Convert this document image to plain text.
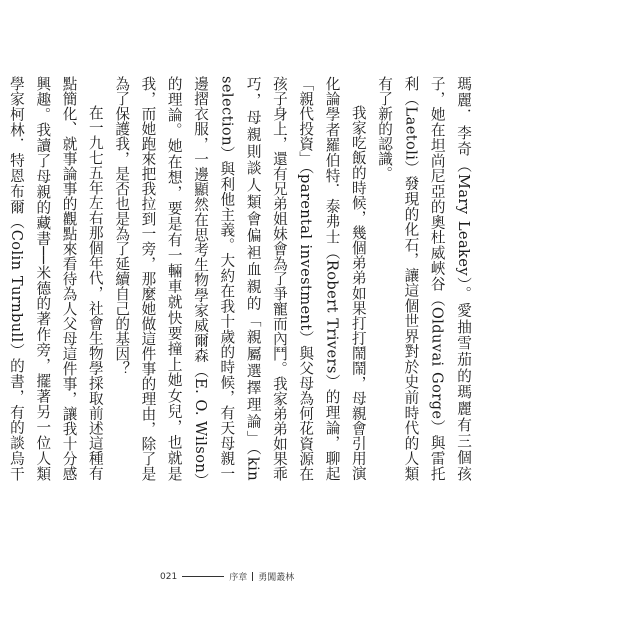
瑪麗．李奇（Mary Leakey）。愛抽雪茄的瑪麗有三個孩子，她在坦尚尼亞的奧杜威峽谷（Olduvai Gorge）與雷托利（Laetoli）發現的化石，讓這個世界對於史前時代的人類有了新的認識。

我家吃飯的時候，幾個弟弟如果打打鬧鬧，母親會引用演化論學者羅伯特．泰弗士（Robert Trivers）的理論，聊起「親代投資」（parental investment）與父母為何花資源在孩子身上，還有兄弟姐妹會為了爭寵而內鬥。我家弟弟如果乖巧，母親則談人類會偏袒血親的「親屬選擇理論」（kin selection）與利他主義。大約在我十歲的時候，有天母親一邊摺衣服，一邊顯然在思考生物學家威爾森（E. O. Wilson）的理論。她在想，要是有一輛車就快要撞上她女兒，也就是我，而她跑來把我拉到一旁，那麼她做這件事的理由，除了是為了保護我，是否也是為了延續自己的基因？

在一九七五年左右那個年代，社會生物學採取前述這種有點簡化、就事論事的觀點來看待為人父母這件事，讓我十分感興趣。我讀了母親的藏書──米德的著作旁，擺著另一位人類學家柯林．特恩布爾（Colin Turnbull）的書，有的談烏干

021	序章 勇闖叢林
